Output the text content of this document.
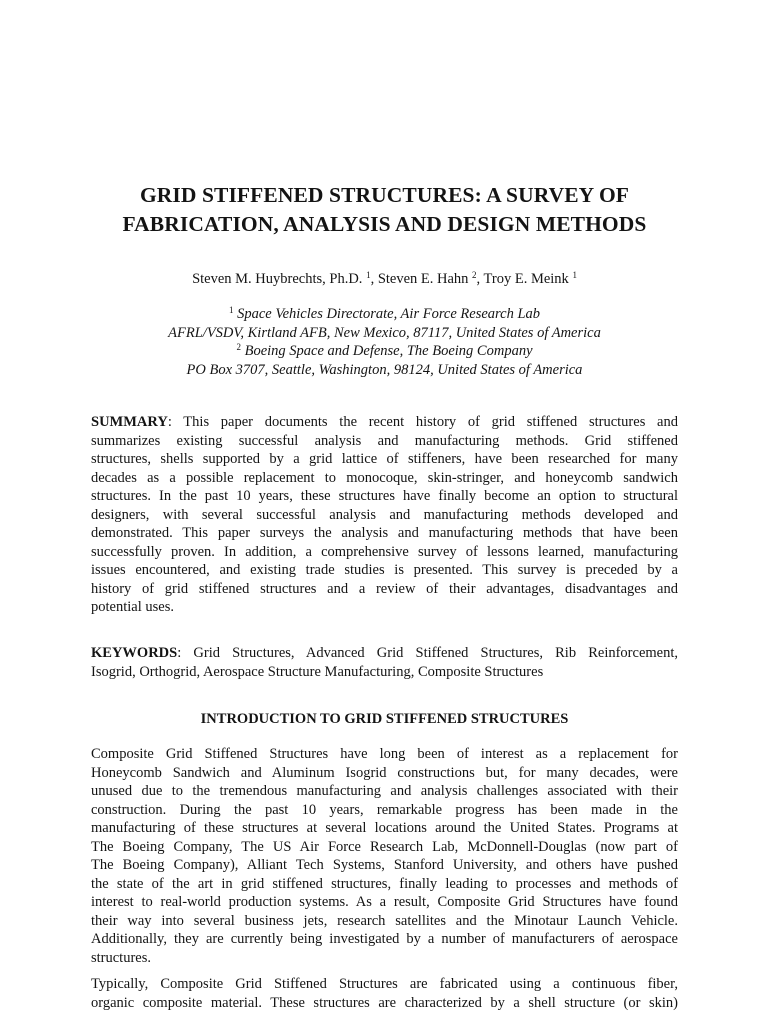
GRID STIFFENED STRUCTURES: A SURVEY OF
FABRICATION, ANALYSIS AND DESIGN METHODS
Steven M. Huybrechts, Ph.D. $^1$, Steven E. Hahn $^2$, Troy E. Meink $^1$
$^1$ Space Vehicles Directorate, Air Force Research Lab
AFRL/VSDV, Kirtland AFB, New Mexico, 87117, United States of America
$^2$ Boeing Space and Defense, The Boeing Company
PO Box 3707, Seattle, Washington, 98124, United States of America
SUMMARY: This paper documents the recent history of grid stiffened structures and
summarizes existing successful analysis and manufacturing methods. Grid stiffened
structures, shells supported by a grid lattice of stiffeners, have been researched for many
decades as a possible replacement to monocoque, skin-stringer, and honeycomb sandwich
structures. In the past 10 years, these structures have finally become an option to structural
designers, with several successful analysis and manufacturing methods developed and
demonstrated. This paper surveys the analysis and manufacturing methods that have been
successfully proven. In addition, a comprehensive survey of lessons learned, manufacturing
issues encountered, and existing trade studies is presented. This survey is preceded by a
history of grid stiffened structures and a review of their advantages, disadvantages and
potential uses.
KEYWORDS: Grid Structures, Advanced Grid Stiffened Structures, Rib Reinforcement,
Isogrid, Orthogrid, Aerospace Structure Manufacturing, Composite Structures
INTRODUCTION TO GRID STIFFENED STRUCTURES
Composite Grid Stiffened Structures have long been of interest as a replacement for
Honeycomb Sandwich and Aluminum Isogrid constructions but, for many decades, were
unused due to the tremendous manufacturing and analysis challenges associated with their
construction. During the past 10 years, remarkable progress has been made in the
manufacturing of these structures at several locations around the United States. Programs at
The Boeing Company, The US Air Force Research Lab, McDonnell-Douglas (now part of
The Boeing Company), Alliant Tech Systems, Stanford University, and others have pushed
the state of the art in grid stiffened structures, finally leading to processes and methods of
interest to real-world production systems. As a result, Composite Grid Structures have found
their way into several business jets, research satellites and the Minotaur Launch Vehicle.
Additionally, they are currently being investigated by a number of manufacturers of aerospace
structures.
Typically, Composite Grid Stiffened Structures are fabricated using a continuous fiber,
organic composite material. These structures are characterized by a shell structure (or skin)
